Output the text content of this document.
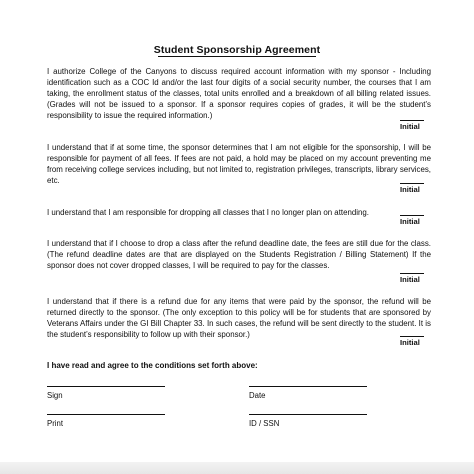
Student Sponsorship Agreement
I authorize College of the Canyons to discuss required account information with my sponsor - Including identification such as a COC Id and/or the last four digits of a social security number, the courses that I am taking, the enrollment status of the classes, total units enrolled and a breakdown of all billing related issues. (Grades will not be issued to a sponsor. If a sponsor requires copies of grades, it will be the student’s responsibility to issue the required information.)
Initial
I understand that if at some time, the sponsor determines that I am not eligible for the sponsorship, I will be responsible for payment of all fees. If fees are not paid, a hold may be placed on my account preventing me from receiving college services including, but not limited to, registration privileges, transcripts, library services, etc.
Initial
I understand that I am responsible for dropping all classes that I no longer plan on attending.
Initial
I understand that if I choose to drop a class after the refund deadline date, the fees are still due for the class. (The refund deadline dates are that are displayed on the Students Registration / Billing Statement) If the sponsor does not cover dropped classes, I will be required to pay for the classes.
Initial
I understand that if there is a refund due for any items that were paid by the sponsor, the refund will be returned directly to the sponsor. (The only exception to this policy will be for students that are sponsored by Veterans Affairs under the GI Bill Chapter 33. In such cases, the refund will be sent directly to the student. It is the student’s responsibility to follow up with their sponsor.)
Initial
I have read and agree to the conditions set forth above:
Sign	Date
Print	ID / SSN
